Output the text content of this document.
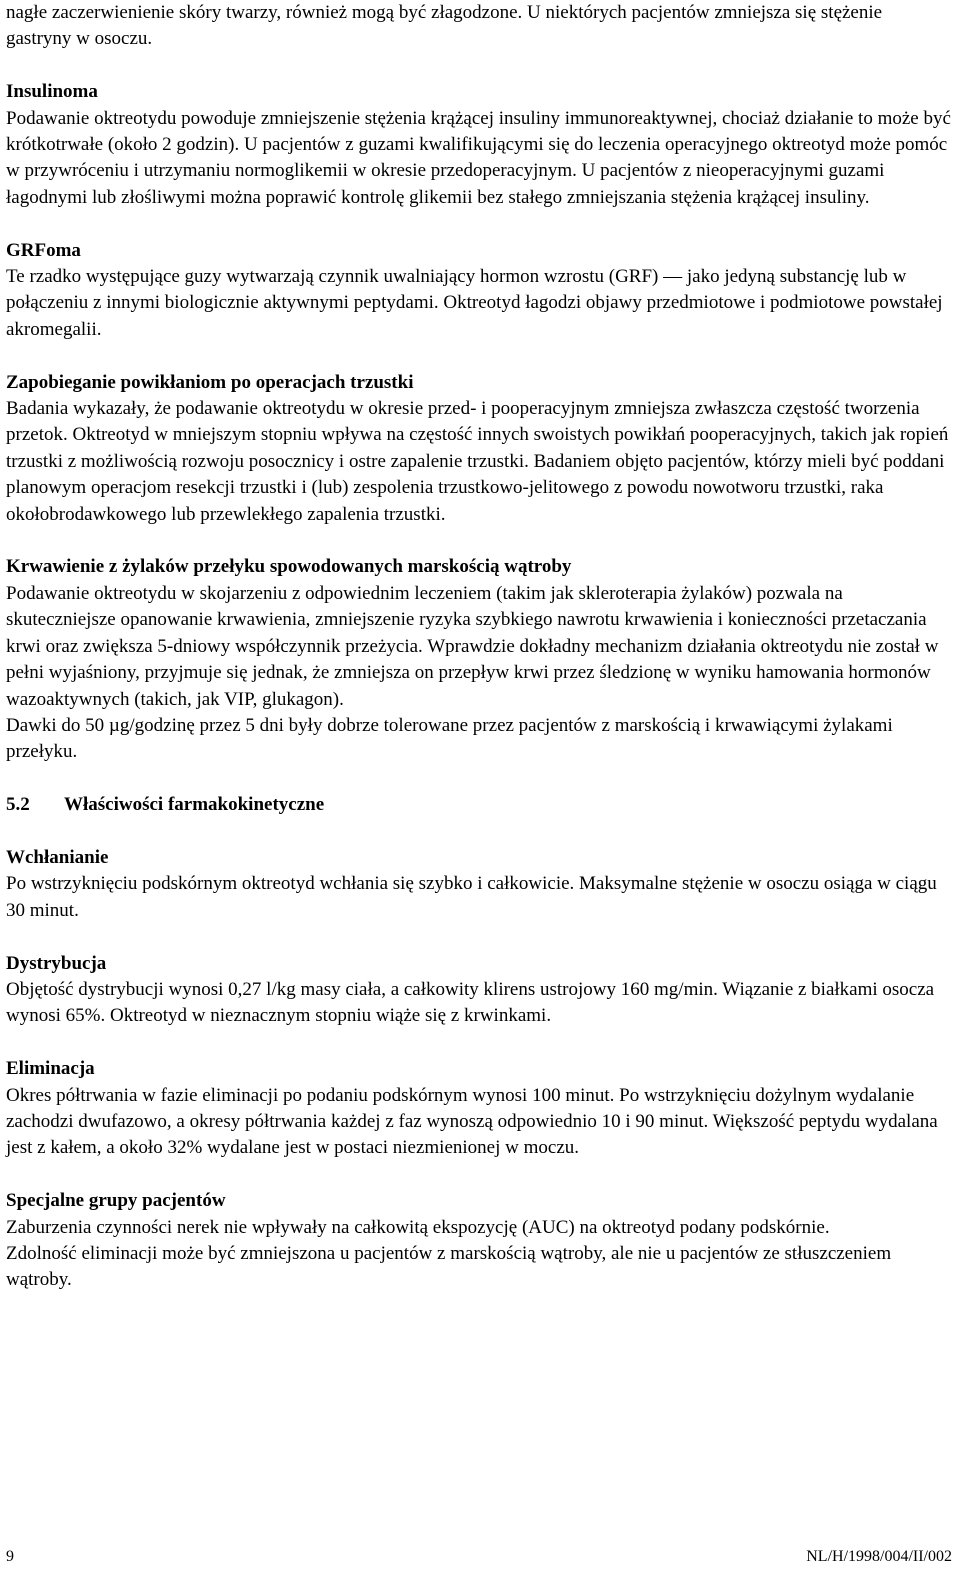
nagłe zaczerwienienie skóry twarzy, również mogą być złagodzone. U niektórych pacjentów zmniejsza się stężenie gastryny w osoczu.

Insulinoma

Podawanie oktreotydu powoduje zmniejszenie stężenia krążącej insuliny immunoreaktywnej, chociaż działanie to może być krótkotrwałe (około 2 godzin). U pacjentów z guzami kwalifikującymi się do leczenia operacyjnego oktreotyd może pomóc w przywróceniu i utrzymaniu normoglikemii w okresie przedoperacyjnym. U pacjentów z nieoperacyjnymi guzami łagodnymi lub złośliwymi można poprawić kontrolę glikemii bez stałego zmniejszania stężenia krążącej insuliny.

GRFoma

Te rzadko występujące guzy wytwarzają czynnik uwalniający hormon wzrostu (GRF) — jako jedyną substancję lub w połączeniu z innymi biologicznie aktywnymi peptydami. Oktreotyd łagodzi objawy przedmiotowe i podmiotowe powstałej akromegalii.

Zapobieganie powikłaniom po operacjach trzustki

Badania wykazały, że podawanie oktreotydu w okresie przed- i pooperacyjnym zmniejsza zwłaszcza częstość tworzenia przetok. Oktreotyd w mniejszym stopniu wpływa na częstość innych swoistych powikłań pooperacyjnych, takich jak ropień trzustki z możliwością rozwoju posocznicy i ostre zapalenie trzustki. Badaniem objęto pacjentów, którzy mieli być poddani planowym operacjom resekcji trzustki i (lub) zespolenia trzustkowo-jelitowego z powodu nowotworu trzustki, raka okołobrodawkowego lub przewlekłego zapalenia trzustki.

Krwawienie z żylaków przełyku spowodowanych marskością wątroby

Podawanie oktreotydu w skojarzeniu z odpowiednim leczeniem (takim jak skleroterapia żylaków) pozwala na skuteczniejsze opanowanie krwawienia, zmniejszenie ryzyka szybkiego nawrotu krwawienia i konieczności przetaczania krwi oraz zwiększa 5-dniowy współczynnik przeżycia. Wprawdzie dokładny mechanizm działania oktreotydu nie został w pełni wyjaśniony, przyjmuje się jednak, że zmniejsza on przepływ krwi przez śledzionę w wyniku hamowania hormonów wazoaktywnych (takich, jak VIP, glukagon).

Dawki do 50 µg/godzinę przez 5 dni były dobrze tolerowane przez pacjentów z marskością i krwawiącymi żylakami przełyku.

5.2	Właściwości farmakokinetyczne

Wchłanianie

Po wstrzyknięciu podskórnym oktreotyd wchłania się szybko i całkowicie. Maksymalne stężenie w osoczu osiąga w ciągu 30 minut.

Dystrybucja

Objętość dystrybucji wynosi 0,27 l/kg masy ciała, a całkowity klirens ustrojowy 160 mg/min. Wiązanie z białkami osocza wynosi 65%. Oktreotyd w nieznacznym stopniu wiąże się z krwinkami.

Eliminacja

Okres półtrwania w fazie eliminacji po podaniu podskórnym wynosi 100 minut. Po wstrzyknięciu dożylnym wydalanie zachodzi dwufazowo, a okresy półtrwania każdej z faz wynoszą odpowiednio 10 i 90 minut. Większość peptydu wydalana jest z kałem, a około 32% wydalane jest w postaci niezmienionej w moczu.

Specjalne grupy pacjentów

Zaburzenia czynności nerek nie wpływały na całkowitą ekspozycję (AUC) na oktreotyd podany podskórnie.

Zdolność eliminacji może być zmniejszona u pacjentów z marskością wątroby, ale nie u pacjentów ze stłuszczeniem wątroby.

9	NL/H/1998/004/II/002
